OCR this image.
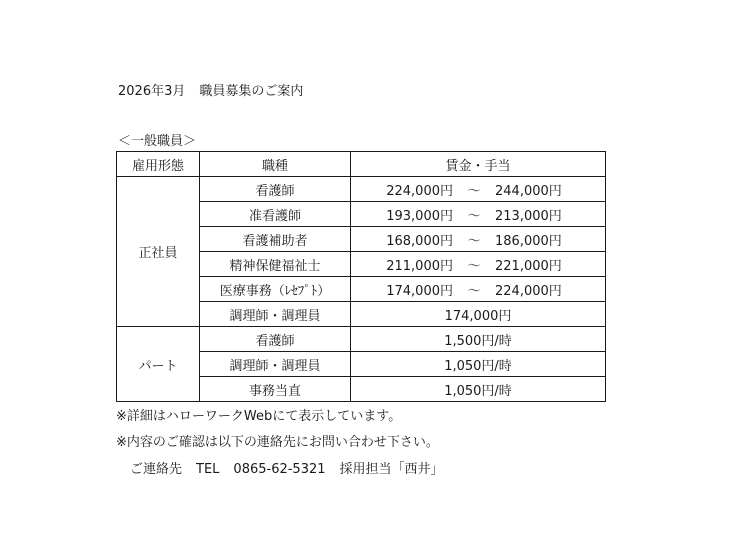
2026年3月 職員募集のご案内
＜一般職員＞
雇用形態	職種	賃金・手当
正社員	看護師	224,000円 ～ 244,000円

	准看護師	193,000円 ～ 213,000円

	看護補助者	168,000円 ～ 186,000円

	精神保健福祉士	211,000円 ～ 221,000円

	医療事務（ﾚｾﾌﾟﾄ）	174,000円 ～ 224,000円

	調理師・調理員	174,000円
パート	看護師	1,500円/時
	調理師・調理員	1,050円/時
	事務当直	1,050円/時
※詳細はハローワークWebにて表示しています。
※内容のご確認は以下の連絡先にお問い合わせ下さい。
ご連絡先 TEL 0865-62-5321 採用担当「西井」
